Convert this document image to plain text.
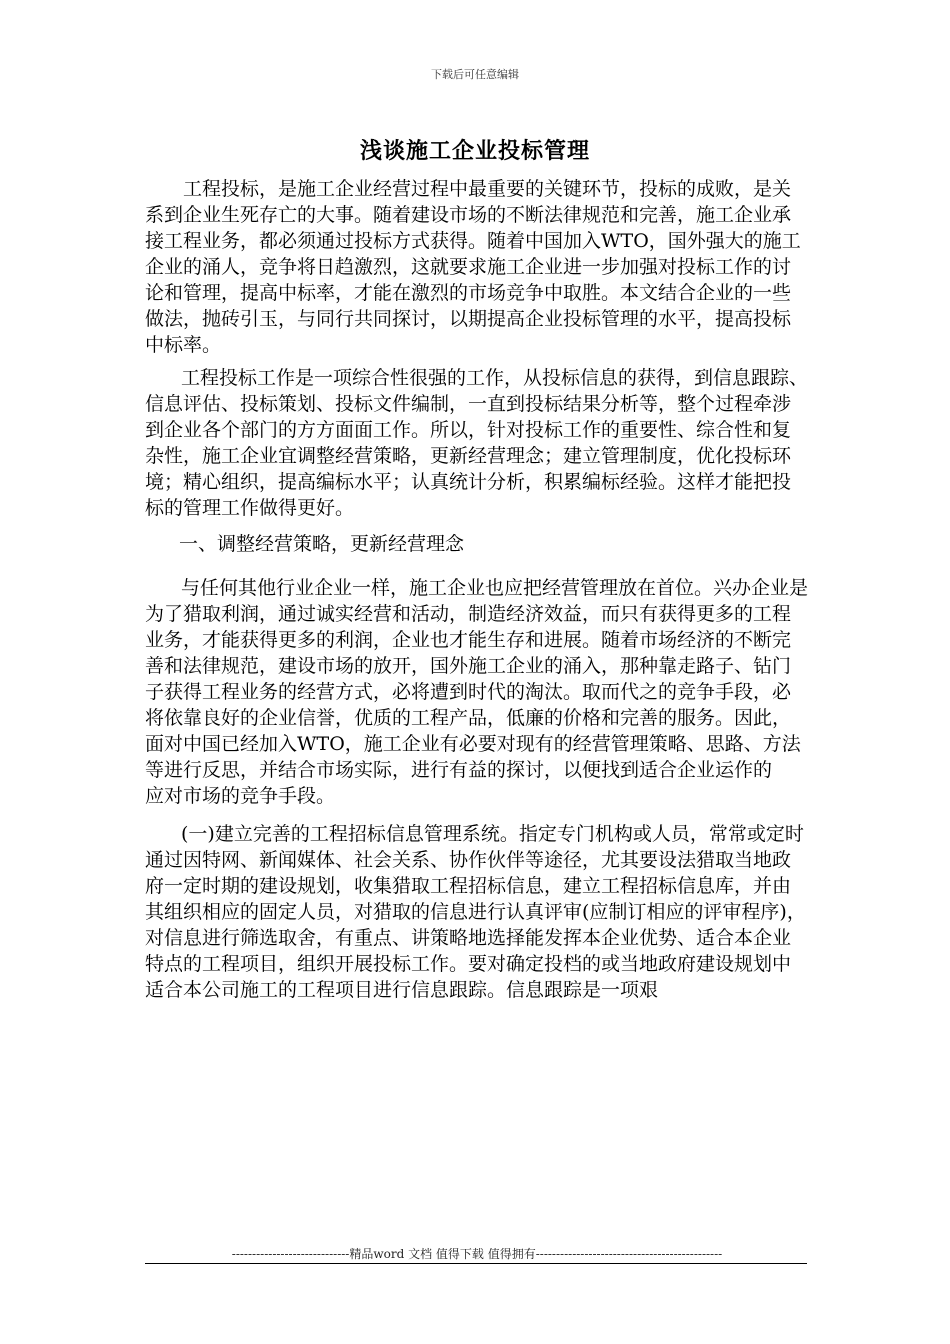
下载后可任意编辑
浅谈施工企业投标管理

工程投标，是施工企业经营过程中最重要的关键环节，投标的成败，是关系到企业生死存亡的大事。随着建设市场的不断法律规范和完善，施工企业承接工程业务，都必须通过投标方式获得。随着中国加入WTO，国外强大的施工企业的涌人，竞争将日趋激烈，这就要求施工企业进一步加强对投标工作的讨论和管理，提高中标率，才能在激烈的市场竞争中取胜。本文结合企业的一些做法，抛砖引玉，与同行共同探讨，以期提高企业投标管理的水平，提高投标中标率。

工程投标工作是一项综合性很强的工作，从投标信息的获得，到信息跟踪、信息评估、投标策划、投标文件编制，一直到投标结果分析等，整个过程牵涉到企业各个部门的方方面面工作。所以，针对投标工作的重要性、综合性和复杂性，施工企业宜调整经营策略，更新经营理念；建立管理制度，优化投标环境；精心组织，提高编标水平；认真统计分析，积累编标经验。这样才能把投标的管理工作做得更好。

一、调整经营策略，更新经营理念

与任何其他行业企业一样，施工企业也应把经营管理放在首位。兴办企业是为了猎取利润，通过诚实经营和活动，制造经济效益，而只有获得更多的工程业务，才能获得更多的利润，企业也才能生存和进展。随着市场经济的不断完善和法律规范，建设市场的放开，国外施工企业的涌入，那种靠走路子、钻门子获得工程业务的经营方式，必将遭到时代的淘汰。取而代之的竞争手段，必将依靠良好的企业信誉，优质的工程产品，低廉的价格和完善的服务。因此，面对中国已经加入WTO，施工企业有必要对现有的经营管理策略、思路、方法等进行反思，并结合市场实际，进行有益的探讨，以便找到适合企业运作的

应对市场的竞争手段。

(一)建立完善的工程招标信息管理系统。指定专门机构或人员，常常或定时通过因特网、新闻媒体、社会关系、协作伙伴等途径，尤其要设法猎取当地政府一定时期的建设规划，收集猎取工程招标信息，建立工程招标信息库，并由其组织相应的固定人员，对猎取的信息进行认真评审(应制订相应的评审程序)，对信息进行筛选取舍，有重点、讲策略地选择能发挥本企业优势、适合本企业特点的工程项目，组织开展投标工作。要对确定投档的或当地政府建设规划中适合本公司施工的工程项目进行信息跟踪。信息跟踪是一项艰

-----------------------------精品word 文档 值得下载 值得拥有----------------------------------------------
